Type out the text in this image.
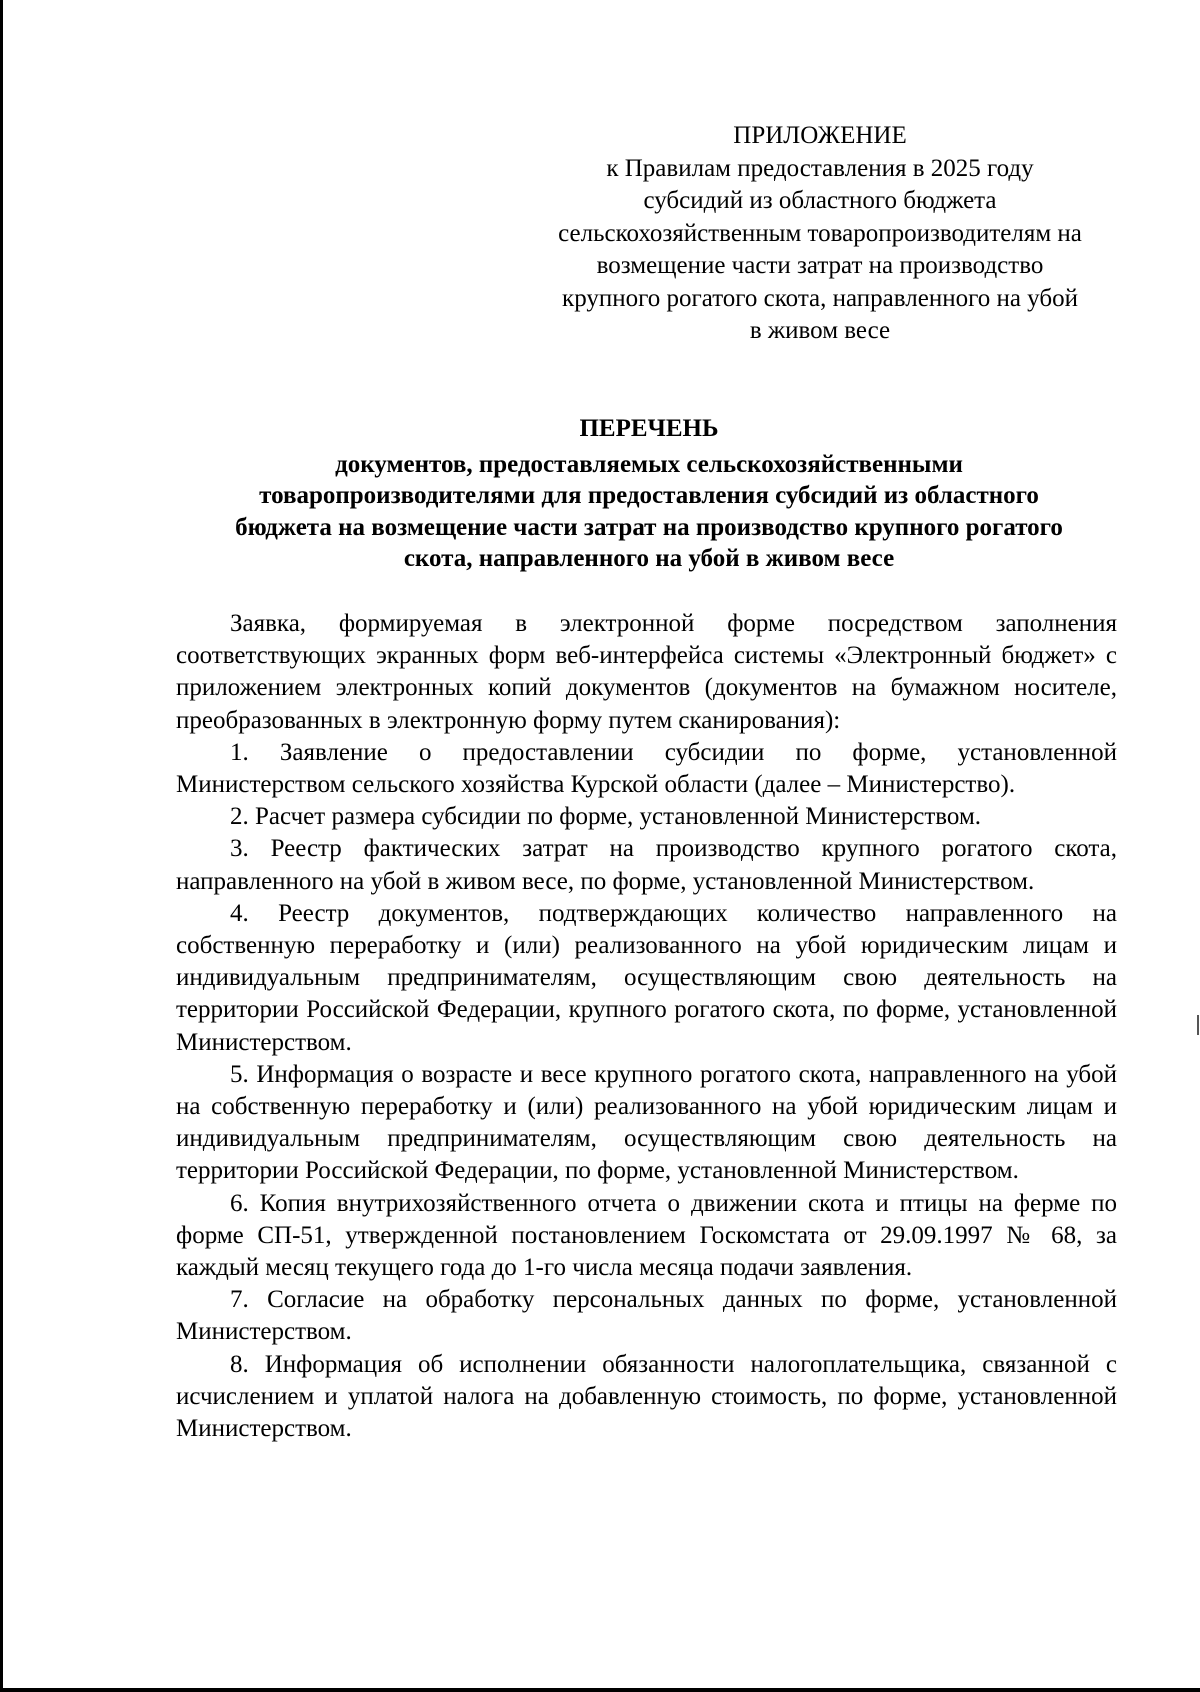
ПРИЛОЖЕНИЕ
к Правилам предоставления в 2025 году
субсидий из областного бюджета
сельскохозяйственным товаропроизводителям на
возмещение части затрат на производство
крупного рогатого скота, направленного на убой
в живом весе
ПЕРЕЧЕНЬ
документов, предоставляемых сельскохозяйственными
товаропроизводителями для предоставления субсидий из областного
бюджета на возмещение части затрат на производство крупного рогатого
скота, направленного на убой в живом весе

Заявка, формируемая в электронной форме посредством заполнения соответствующих экранных форм веб-интерфейса системы «Электронный бюджет» с приложением электронных копий документов (документов на бумажном носителе, преобразованных в электронную форму путем сканирования):

1. Заявление о предоставлении субсидии по форме, установленной Министерством сельского хозяйства Курской области (далее – Министерство).

2. Расчет размера субсидии по форме, установленной Министерством.

3. Реестр фактических затрат на производство крупного рогатого скота, направленного на убой в живом весе, по форме, установленной Министерством.

4. Реестр документов, подтверждающих количество направленного на собственную переработку и (или) реализованного на убой юридическим лицам и индивидуальным предпринимателям, осуществляющим свою деятельность на территории Российской Федерации, крупного рогатого скота, по форме, установленной Министерством.

5. Информация о возрасте и весе крупного рогатого скота, направленного на убой на собственную переработку и (или) реализованного на убой юридическим лицам и индивидуальным предпринимателям, осуществляющим свою деятельность на территории Российской Федерации, по форме, установленной Министерством.

6. Копия внутрихозяйственного отчета о движении скота и птицы на ферме по форме СП-51, утвержденной постановлением Госкомстата от 29.09.1997 № 68, за каждый месяц текущего года до 1-го числа месяца подачи заявления.

7. Согласие на обработку персональных данных по форме, установленной Министерством.

8. Информация об исполнении обязанности налогоплательщика, связанной с исчислением и уплатой налога на добавленную стоимость, по форме, установленной Министерством.
